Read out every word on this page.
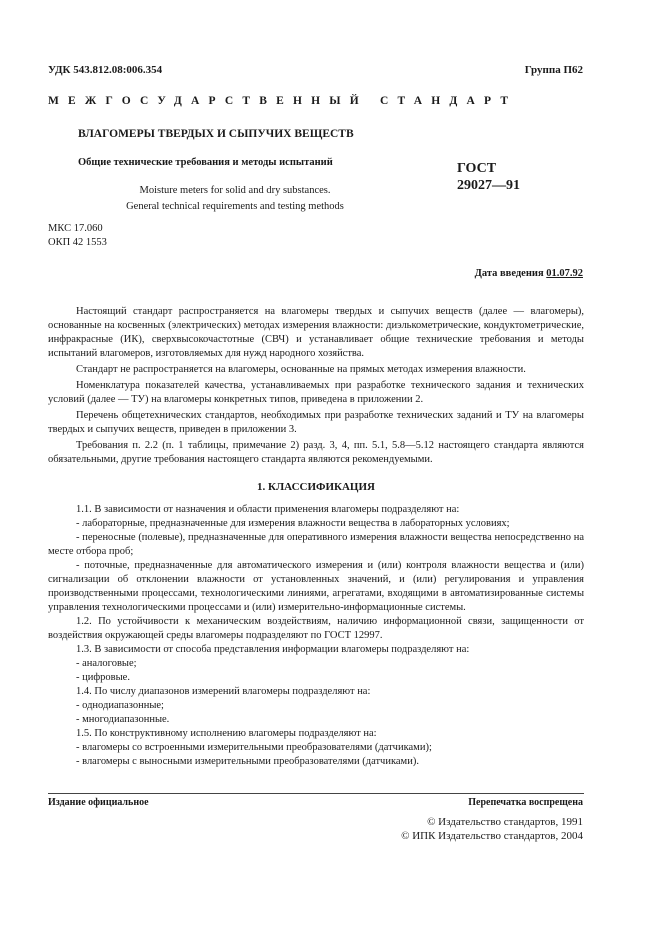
УДК 543.812.08:006.354	Группа П62
МЕЖГОСУДАРСТВЕННЫЙ СТАНДАРТ
ВЛАГОМЕРЫ ТВЕРДЫХ И СЫПУЧИХ ВЕЩЕСТВ
Общие технические требования и методы испытаний
Moisture meters for solid and dry substances.
General technical requirements and testing methods
ГОСТ
29027—91
МКС 17.060
ОКП 42 1553
Дата введения 01.07.92

Настоящий стандарт распространяется на влагомеры твердых и сыпучих веществ (далее — влагомеры), основанные на косвенных (электрических) методах измерения влажности: диэлькометрические, кондуктометрические, инфракрасные (ИК), сверхвысокочастотные (СВЧ) и устанавливает общие технические требования и методы испытаний влагомеров, изготовляемых для нужд народного хозяйства.

Стандарт не распространяется на влагомеры, основанные на прямых методах измерения влажности.

Номенклатура показателей качества, устанавливаемых при разработке технического задания и технических условий (далее — ТУ) на влагомеры конкретных типов, приведена в приложении 2.

Перечень общетехнических стандартов, необходимых при разработке технических заданий и ТУ на влагомеры твердых и сыпучих веществ, приведен в приложении 3.

Требования п. 2.2 (п. 1 таблицы, примечание 2) разд. 3, 4, пп. 5.1, 5.8—5.12 настоящего стандарта являются обязательными, другие требования настоящего стандарта являются рекомендуемыми.

1. КЛАССИФИКАЦИЯ

1.1. В зависимости от назначения и области применения влагомеры подразделяют на:

- лабораторные, предназначенные для измерения влажности вещества в лабораторных условиях;

- переносные (полевые), предназначенные для оперативного измерения влажности вещества непосредственно на месте отбора проб;

- поточные, предназначенные для автоматического измерения и (или) контроля влажности вещества и (или) сигнализации об отклонении влажности от установленных значений, и (или) регулирования и управления производственными процессами, технологическими линиями, агрегатами, входящими в автоматизированные системы управления технологическими процессами и (или) измерительно-информационные системы.

1.2. По устойчивости к механическим воздействиям, наличию информационной связи, защищенности от воздействия окружающей среды влагомеры подразделяют по ГОСТ 12997.

1.3. В зависимости от способа представления информации влагомеры подразделяют на:

- аналоговые;

- цифровые.

1.4. По числу диапазонов измерений влагомеры подразделяют на:

- однодиапазонные;

- многодиапазонные.

1.5. По конструктивному исполнению влагомеры подразделяют на:

- влагомеры со встроенными измерительными преобразователями (датчиками);

- влагомеры с выносными измерительными преобразователями (датчиками).

Издание официальное	Перепечатка воспрещена
© Издательство стандартов, 1991
© ИПК Издательство стандартов, 2004
